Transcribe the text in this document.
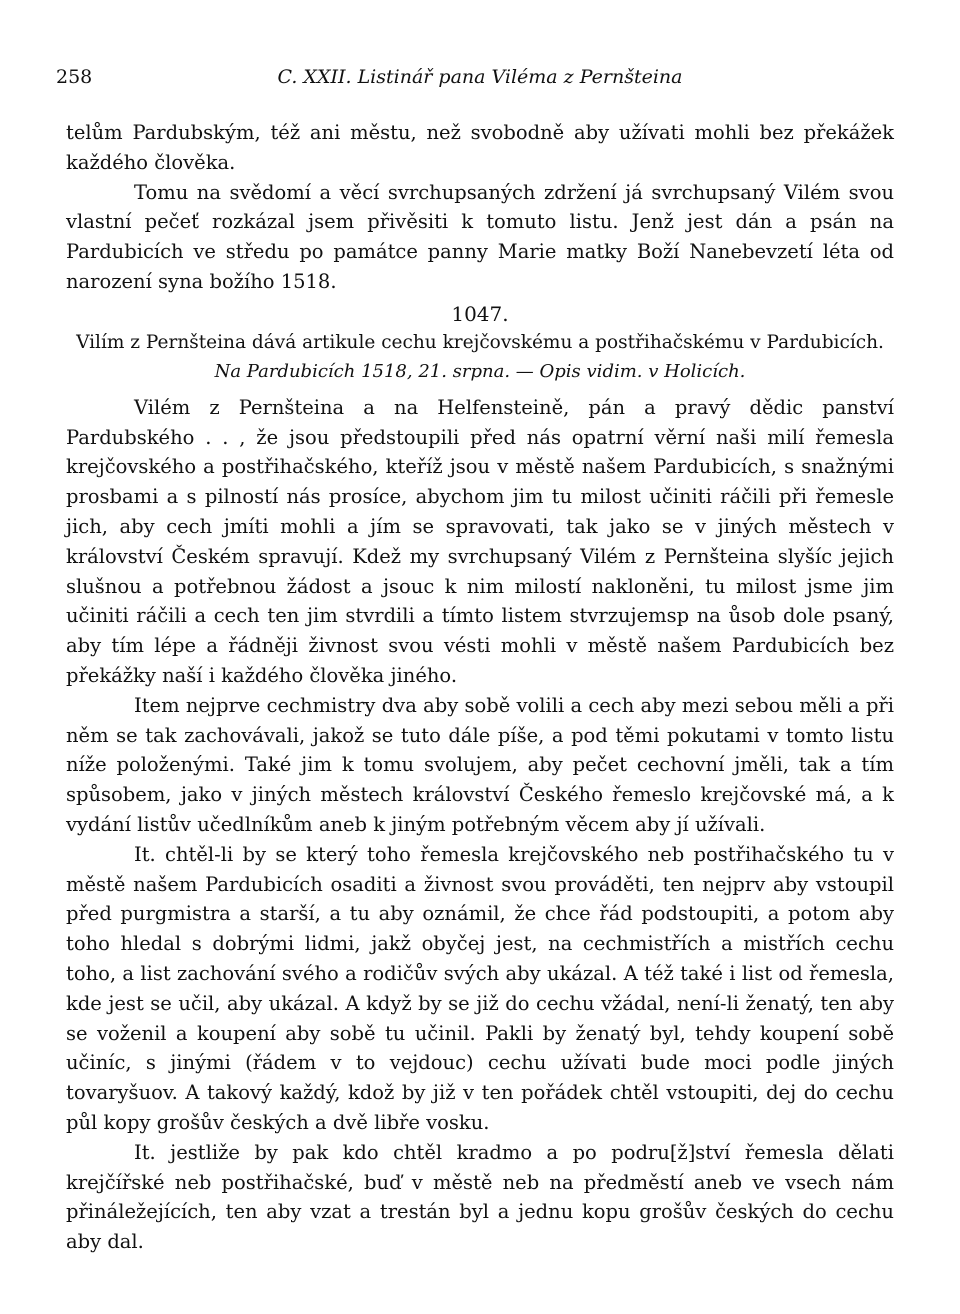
258	C. XXII. Listinář pana Viléma z Pernšteina

telům Pardubským, též ani městu, než svobodně aby užívati mohli bez překážek každého člověka.

Tomu na svědomí a věcí svrchupsaných zdržení já svrchupsaný Vilém svou vlastní pečeť rozkázal jsem přivěsiti k tomuto listu. Jenž jest dán a psán na Pardubicích ve středu po památce panny Marie matky Boží Nanebevzetí léta od narození syna božího 1518.

1047.
Vilím z Pernšteina dává artikule cechu krejčovskému a postřihačskému v Pardubicích.
Na Pardubicích 1518, 21. srpna. — Opis vidim. v Holicích.

Vilém z Pernšteina a na Helfensteině, pán a pravý dědic panství Pardubského . . , že jsou předstoupili před nás opatrní věrní naši milí řemesla krejčovského a postřihačského, kteříž jsou v městě našem Pardubicích, s snažnými prosbami a s pilností nás prosíce, abychom jim tu milost učiniti ráčili při řemesle jich, aby cech jmíti mohli a jím se spravovati, tak jako se v jiných městech v království Českém spravují. Kdež my svrchupsaný Vilém z Pernšteina slyšíc jejich slušnou a potřebnou žádost a jsouc k nim milostí nakloněni, tu milost jsme jim učiniti ráčili a cech ten jim stvrdili a tímto listem stvrzujemsp na ůsob dole psaný, aby tím lépe a řádněji živnost svou vésti mohli v městě našem Pardubicích bez překážky naší i každého člověka jiného.

Item nejprve cechmistry dva aby sobě volili a cech aby mezi sebou měli a při něm se tak zachovávali, jakož se tuto dále píše, a pod těmi pokutami v tomto listu níže položenými. Také jim k tomu svolujem, aby pečet cechovní jměli, tak a tím spůsobem, jako v jiných městech království Českého řemeslo krejčovské má, a k vydání listův učedlníkům aneb k jiným potřebným věcem aby jí užívali.

It. chtěl-li by se který toho řemesla krejčovského neb postřihačského tu v městě našem Pardubicích osaditi a živnost svou prováděti, ten nejprv aby vstoupil před purgmistra a starší, a tu aby oznámil, že chce řád podstoupiti, a potom aby toho hledal s dobrými lidmi, jakž obyčej jest, na cechmistřích a mistřích cechu toho, a list zachování svého a rodičův svých aby ukázal. A též také i list od řemesla, kde jest se učil, aby ukázal. A když by se již do cechu vžádal, není-li ženatý, ten aby se voženil a koupení aby sobě tu učinil. Pakli by ženatý byl, tehdy koupení sobě učiníc, s jinými (řádem v to vejdouc) cechu užívati bude moci podle jiných tovaryšuov. A takový každý, kdož by již v ten pořádek chtěl vstoupiti, dej do cechu půl kopy grošův českých a dvě libře vosku.

It. jestliže by pak kdo chtěl kradmo a po podru[ž]ství řemesla dělati krejčířské neb postřihačské, buď v městě neb na předměstí aneb ve vsech nám přináležejících, ten aby vzat a trestán byl a jednu kopu grošův českých do cechu aby dal.
